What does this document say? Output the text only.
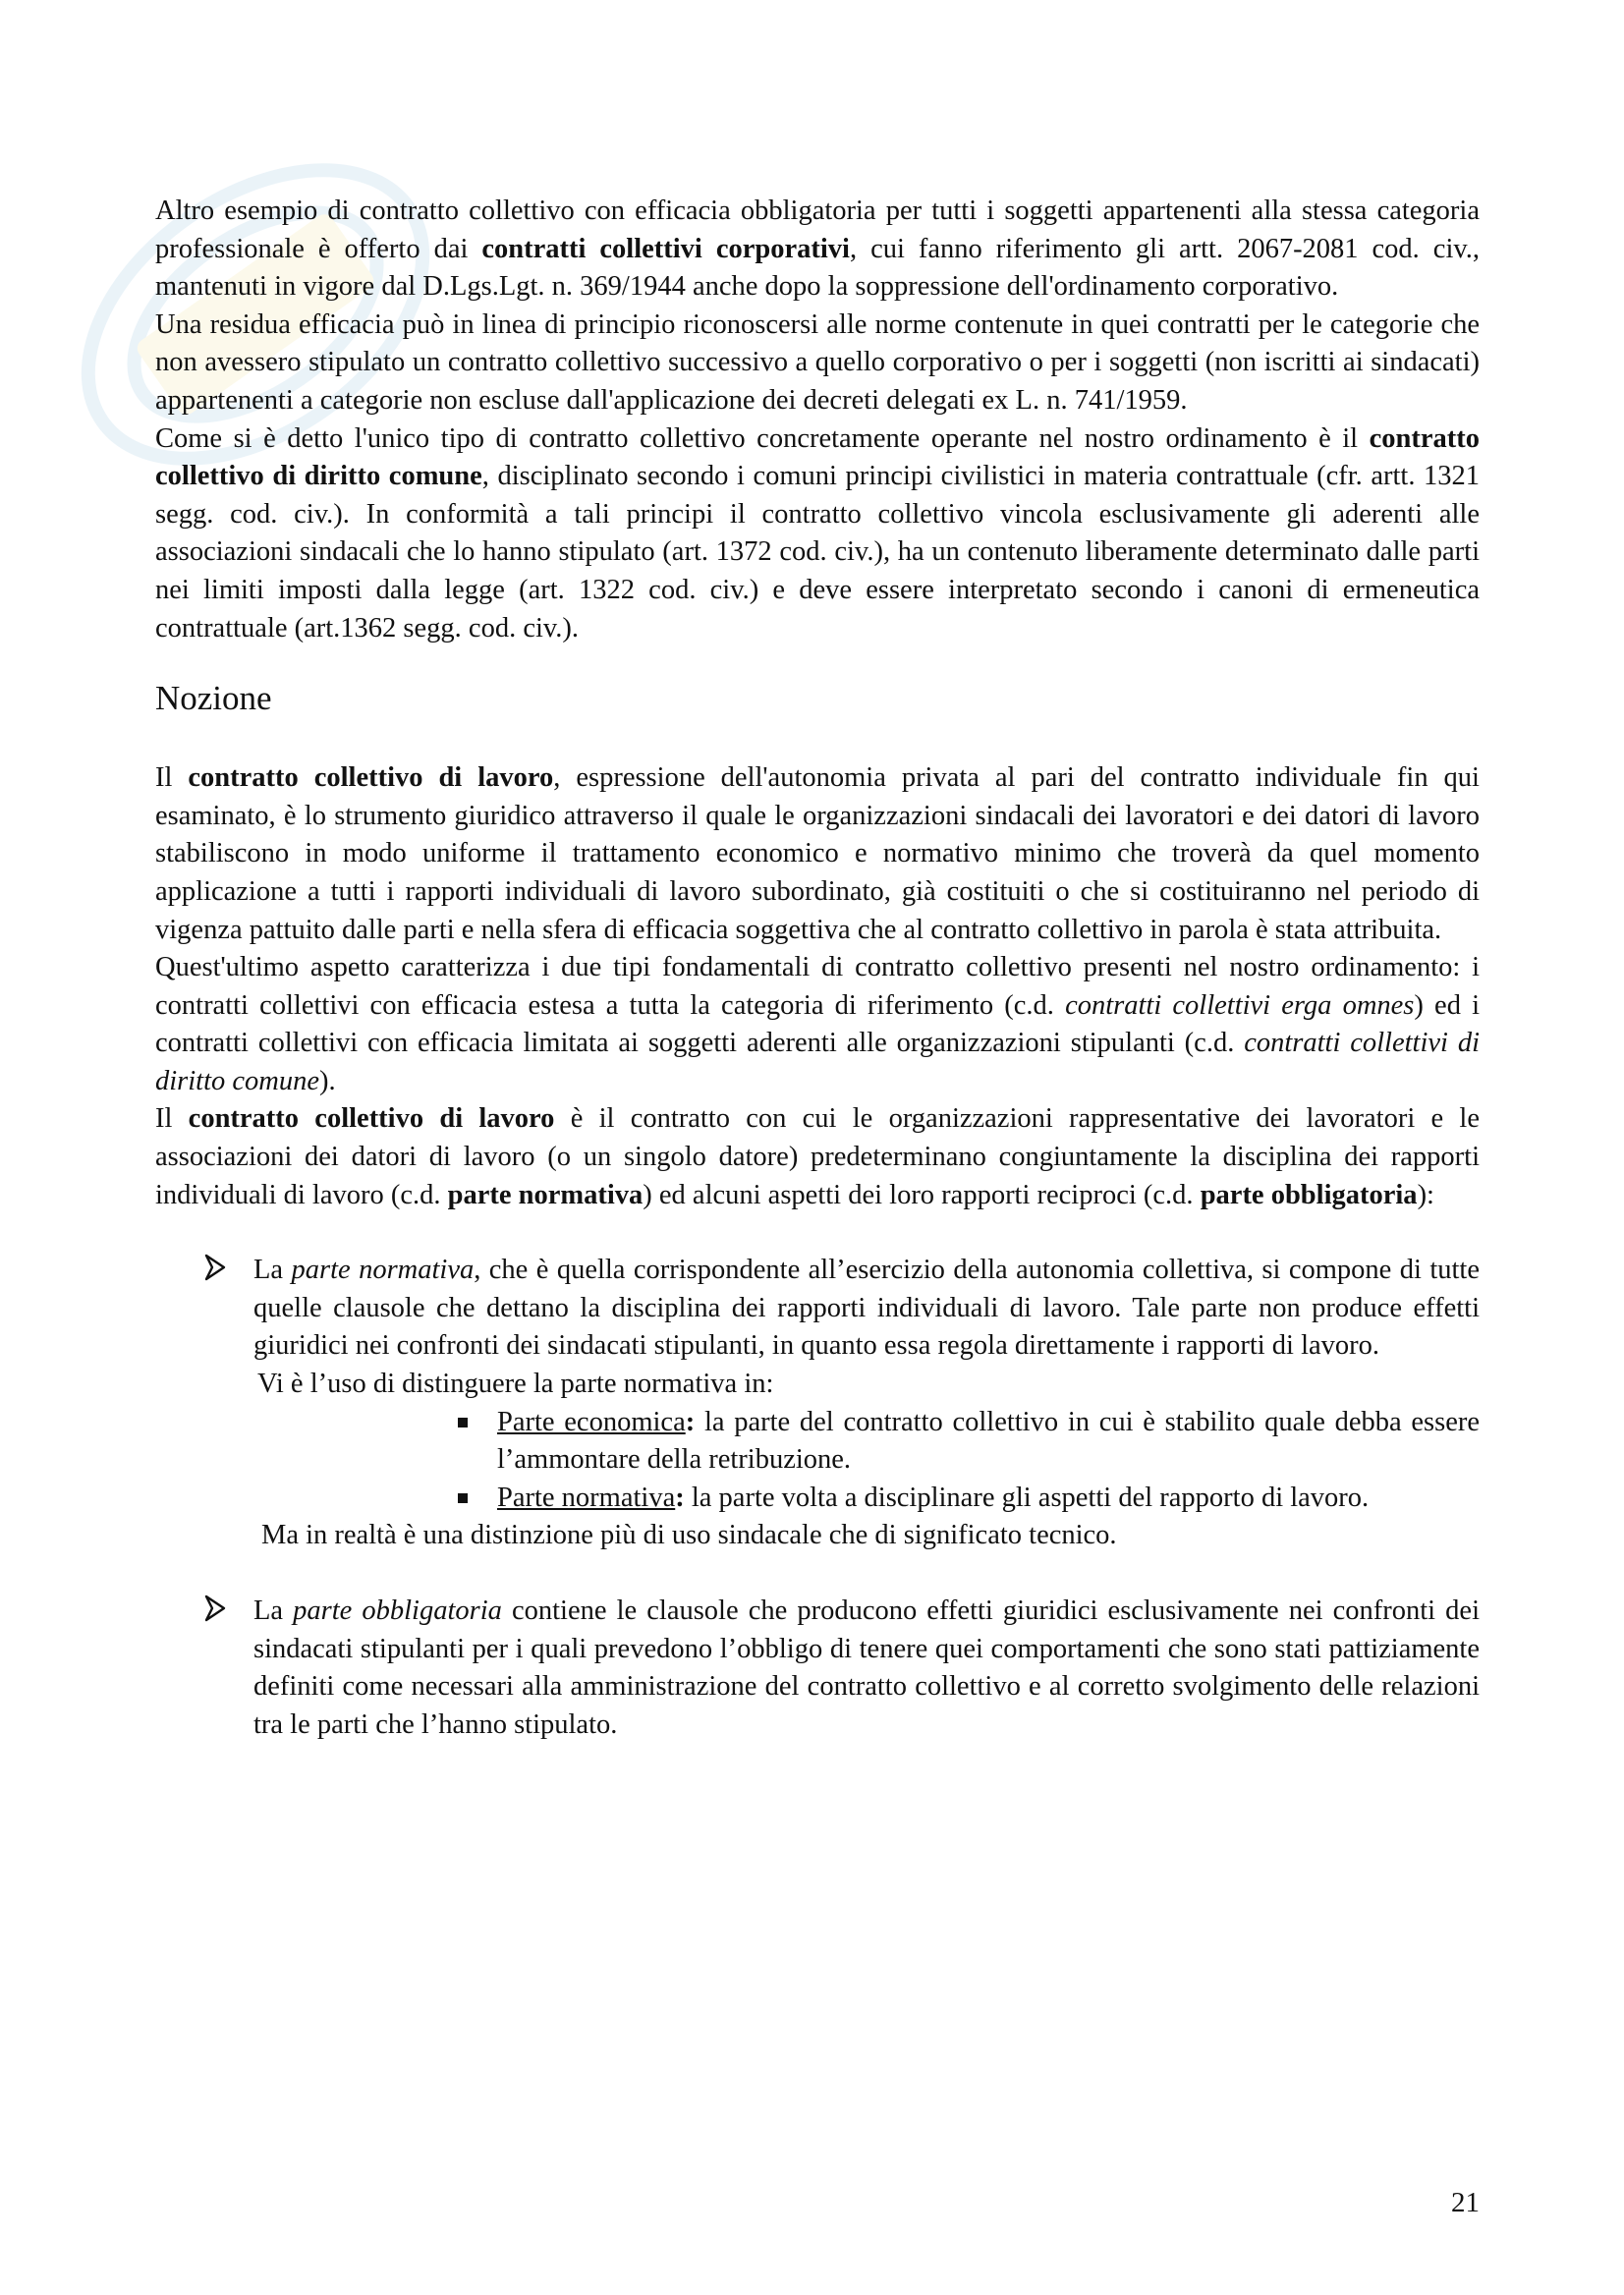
Altro esempio di contratto collettivo con efficacia obbligatoria per tutti i soggetti appartenenti alla stessa categoria professionale è offerto dai contratti collettivi corporativi, cui fanno riferimento gli artt. 2067-2081 cod. civ., mantenuti in vigore dal D.Lgs.Lgt. n. 369/1944 anche dopo la soppressione dell'ordinamento corporativo.

Una residua efficacia può in linea di principio riconoscersi alle norme contenute in quei contratti per le categorie che non avessero stipulato un contratto collettivo successivo a quello corporativo o per i soggetti (non iscritti ai sindacati) appartenenti a categorie non escluse dall'applicazione dei decreti delegati ex L. n. 741/1959.

Come si è detto l'unico tipo di contratto collettivo concretamente operante nel nostro ordinamento è il contratto collettivo di diritto comune, disciplinato secondo i comuni principi civilistici in materia contrattuale (cfr. artt. 1321 segg. cod. civ.). In conformità a tali principi il contratto collettivo vincola esclusivamente gli aderenti alle associazioni sindacali che lo hanno stipulato (art. 1372 cod. civ.), ha un contenuto liberamente determinato dalle parti nei limiti imposti dalla legge (art. 1322 cod. civ.) e deve essere interpretato secondo i canoni di ermeneutica contrattuale (art.1362 segg. cod. civ.).

Nozione

Il contratto collettivo di lavoro, espressione dell'autonomia privata al pari del contratto individuale fin qui esaminato, è lo strumento giuridico attraverso il quale le organizzazioni sindacali dei lavoratori e dei datori di lavoro stabiliscono in modo uniforme il trattamento economico e normativo minimo che troverà da quel momento applicazione a tutti i rapporti individuali di lavoro subordinato, già costituiti o che si costituiranno nel periodo di vigenza pattuito dalle parti e nella sfera di efficacia soggettiva che al contratto collettivo in parola è stata attribuita.

Quest'ultimo aspetto caratterizza i due tipi fondamentali di contratto collettivo presenti nel nostro ordinamento: i contratti collettivi con efficacia estesa a tutta la categoria di riferimento (c.d. contratti collettivi erga omnes) ed i contratti collettivi con efficacia limitata ai soggetti aderenti alle organizzazioni stipulanti (c.d. contratti collettivi di diritto comune).

Il contratto collettivo di lavoro è il contratto con cui le organizzazioni rappresentative dei lavoratori e le associazioni dei datori di lavoro (o un singolo datore) predeterminano congiuntamente la disciplina dei rapporti individuali di lavoro (c.d. parte normativa) ed alcuni aspetti dei loro rapporti reciproci (c.d. parte obbligatoria):

La parte normativa, che è quella corrispondente all’esercizio della autonomia collettiva, si compone di tutte quelle clausole che dettano la disciplina dei rapporti individuali di lavoro. Tale parte non produce effetti giuridici nei confronti dei sindacati stipulanti, in quanto essa regola direttamente i rapporti di lavoro.

Vi è l’uso di distinguere la parte normativa in:

Parte economica: la parte del contratto collettivo in cui è stabilito quale debba essere l’ammontare della retribuzione.

Parte normativa: la parte volta a disciplinare gli aspetti del rapporto di lavoro.

Ma in realtà è una distinzione più di uso sindacale che di significato tecnico.

La parte obbligatoria contiene le clausole che producono effetti giuridici esclusivamente nei confronti dei sindacati stipulanti per i quali prevedono l’obbligo di tenere quei comportamenti che sono stati pattiziamente definiti come necessari alla amministrazione del contratto collettivo e al corretto svolgimento delle relazioni tra le parti che l’hanno stipulato.

21
